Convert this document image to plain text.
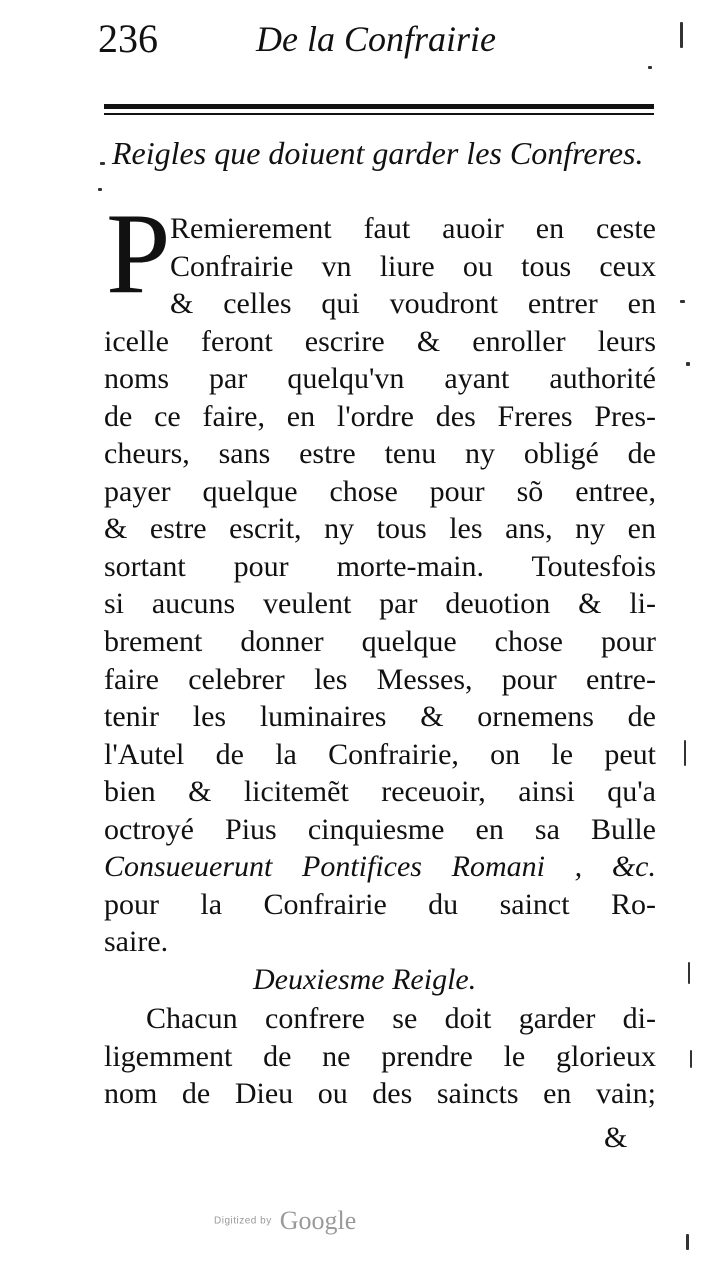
236	De la Confrairie
Reigles que doiuent garder les Confreres.
P Remierement faut auoir en ceste
Confrairie vn liure ou tous ceux
& celles qui voudront entrer en
icelle feront escrire & enroller leurs
noms par quelqu'vn ayant authorité
de ce faire, en l'ordre des Freres Pres-
cheurs, sans estre tenu ny obligé de
payer quelque chose pour sõ entree,
& estre escrit, ny tous les ans, ny en
sortant pour morte-main. Toutesfois
si aucuns veulent par deuotion & li-
brement donner quelque chose pour
faire celebrer les Messes, pour entre-
tenir les luminaires & ornemens de
l'Autel de la Confrairie, on le peut
bien & licitemẽt receuoir, ainsi qu'a
octroyé Pius cinquiesme en sa Bulle
Consueuerunt Pontifices Romani , &c.
pour la Confrairie du sainct Ro-
saire.
Deuxiesme Reigle.
Chacun confrere se doit garder di-
ligemment de ne prendre le glorieux
nom de Dieu ou des saincts en vain;
&
Digitized by Google
